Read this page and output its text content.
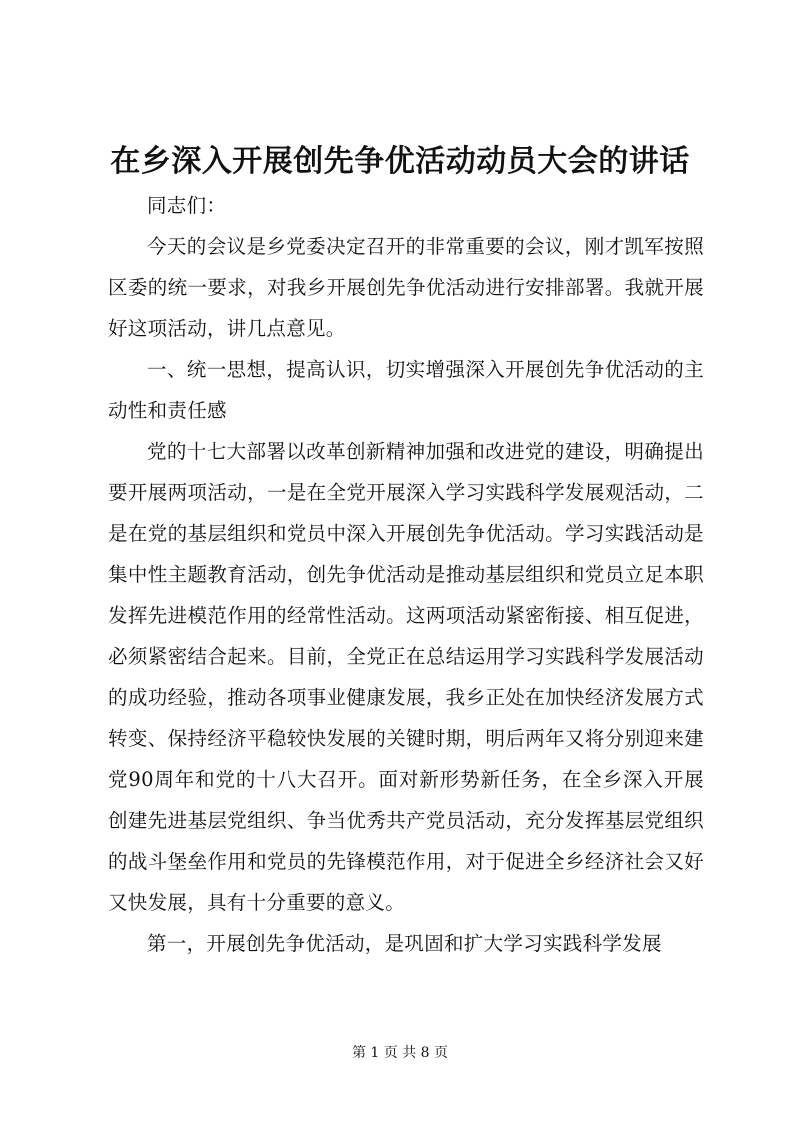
在乡深入开展创先争优活动动员大会的讲话

同志们：

今天的会议是乡党委决定召开的非常重要的会议，刚才凯军按照区委的统一要求，对我乡开展创先争优活动进行安排部署。我就开展好这项活动，讲几点意见。

一、统一思想，提高认识，切实增强深入开展创先争优活动的主动性和责任感

党的十七大部署以改革创新精神加强和改进党的建设，明确提出要开展两项活动，一是在全党开展深入学习实践科学发展观活动，二是在党的基层组织和党员中深入开展创先争优活动。学习实践活动是集中性主题教育活动，创先争优活动是推动基层组织和党员立足本职发挥先进模范作用的经常性活动。这两项活动紧密衔接、相互促进，必须紧密结合起来。目前，全党正在总结运用学习实践科学发展活动的成功经验，推动各项事业健康发展，我乡正处在加快经济发展方式转变、保持经济平稳较快发展的关键时期，明后两年又将分别迎来建党90周年和党的十八大召开。面对新形势新任务，在全乡深入开展创建先进基层党组织、争当优秀共产党员活动，充分发挥基层党组织的战斗堡垒作用和党员的先锋模范作用，对于促进全乡经济社会又好又快发展，具有十分重要的意义。

第一，开展创先争优活动，是巩固和扩大学习实践科学发展

第 1 页 共 8 页
